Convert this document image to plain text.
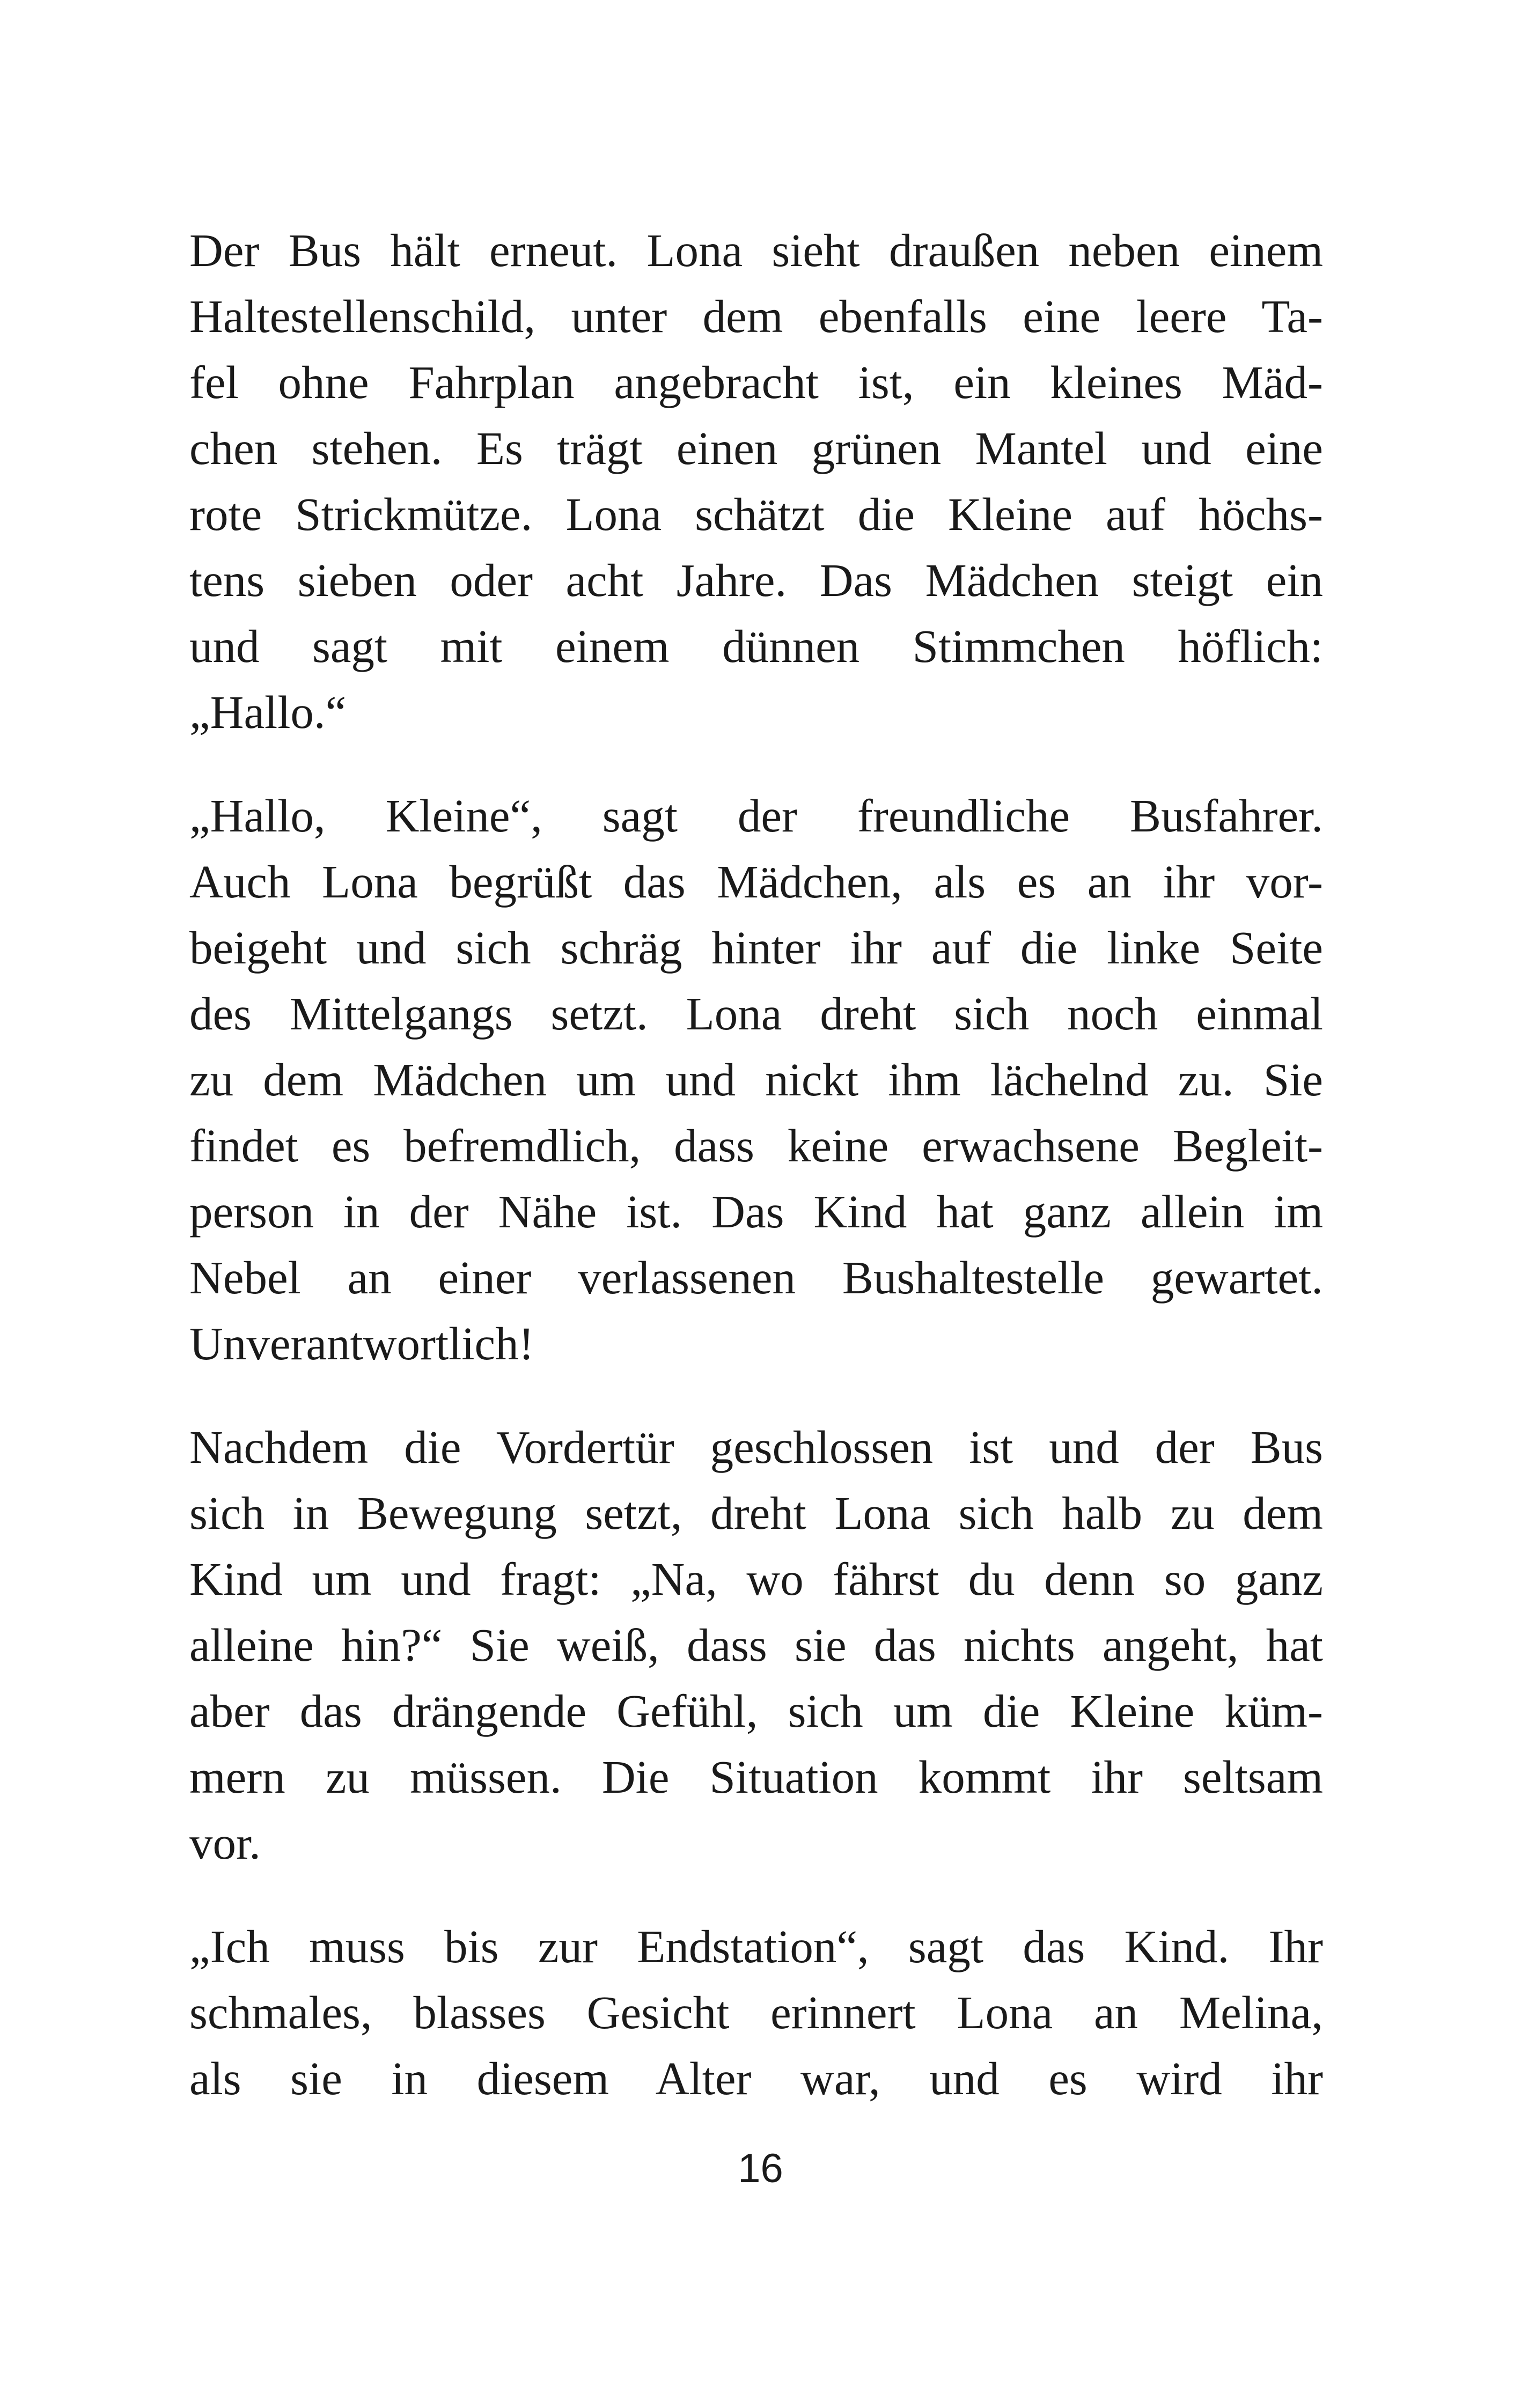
Der Bus hält erneut. Lona sieht draußen neben einem
Haltestellenschild, unter dem ebenfalls eine leere Ta-
fel ohne Fahrplan angebracht ist, ein kleines Mäd-
chen stehen. Es trägt einen grünen Mantel und eine
rote Strickmütze. Lona schätzt die Kleine auf höchs-
tens sieben oder acht Jahre. Das Mädchen steigt ein
und sagt mit einem dünnen Stimmchen höflich:
„Hallo.“
„Hallo, Kleine“, sagt der freundliche Busfahrer.
Auch Lona begrüßt das Mädchen, als es an ihr vor-
beigeht und sich schräg hinter ihr auf die linke Seite
des Mittelgangs setzt. Lona dreht sich noch einmal
zu dem Mädchen um und nickt ihm lächelnd zu. Sie
findet es befremdlich, dass keine erwachsene Begleit-
person in der Nähe ist. Das Kind hat ganz allein im
Nebel an einer verlassenen Bushaltestelle gewartet.
Unverantwortlich!
Nachdem die Vordertür geschlossen ist und der Bus
sich in Bewegung setzt, dreht Lona sich halb zu dem
Kind um und fragt: „Na, wo fährst du denn so ganz
alleine hin?“ Sie weiß, dass sie das nichts angeht, hat
aber das drängende Gefühl, sich um die Kleine küm-
mern zu müssen. Die Situation kommt ihr seltsam
vor.
„Ich muss bis zur Endstation“, sagt das Kind. Ihr
schmales, blasses Gesicht erinnert Lona an Melina,
als sie in diesem Alter war, und es wird ihr
16
